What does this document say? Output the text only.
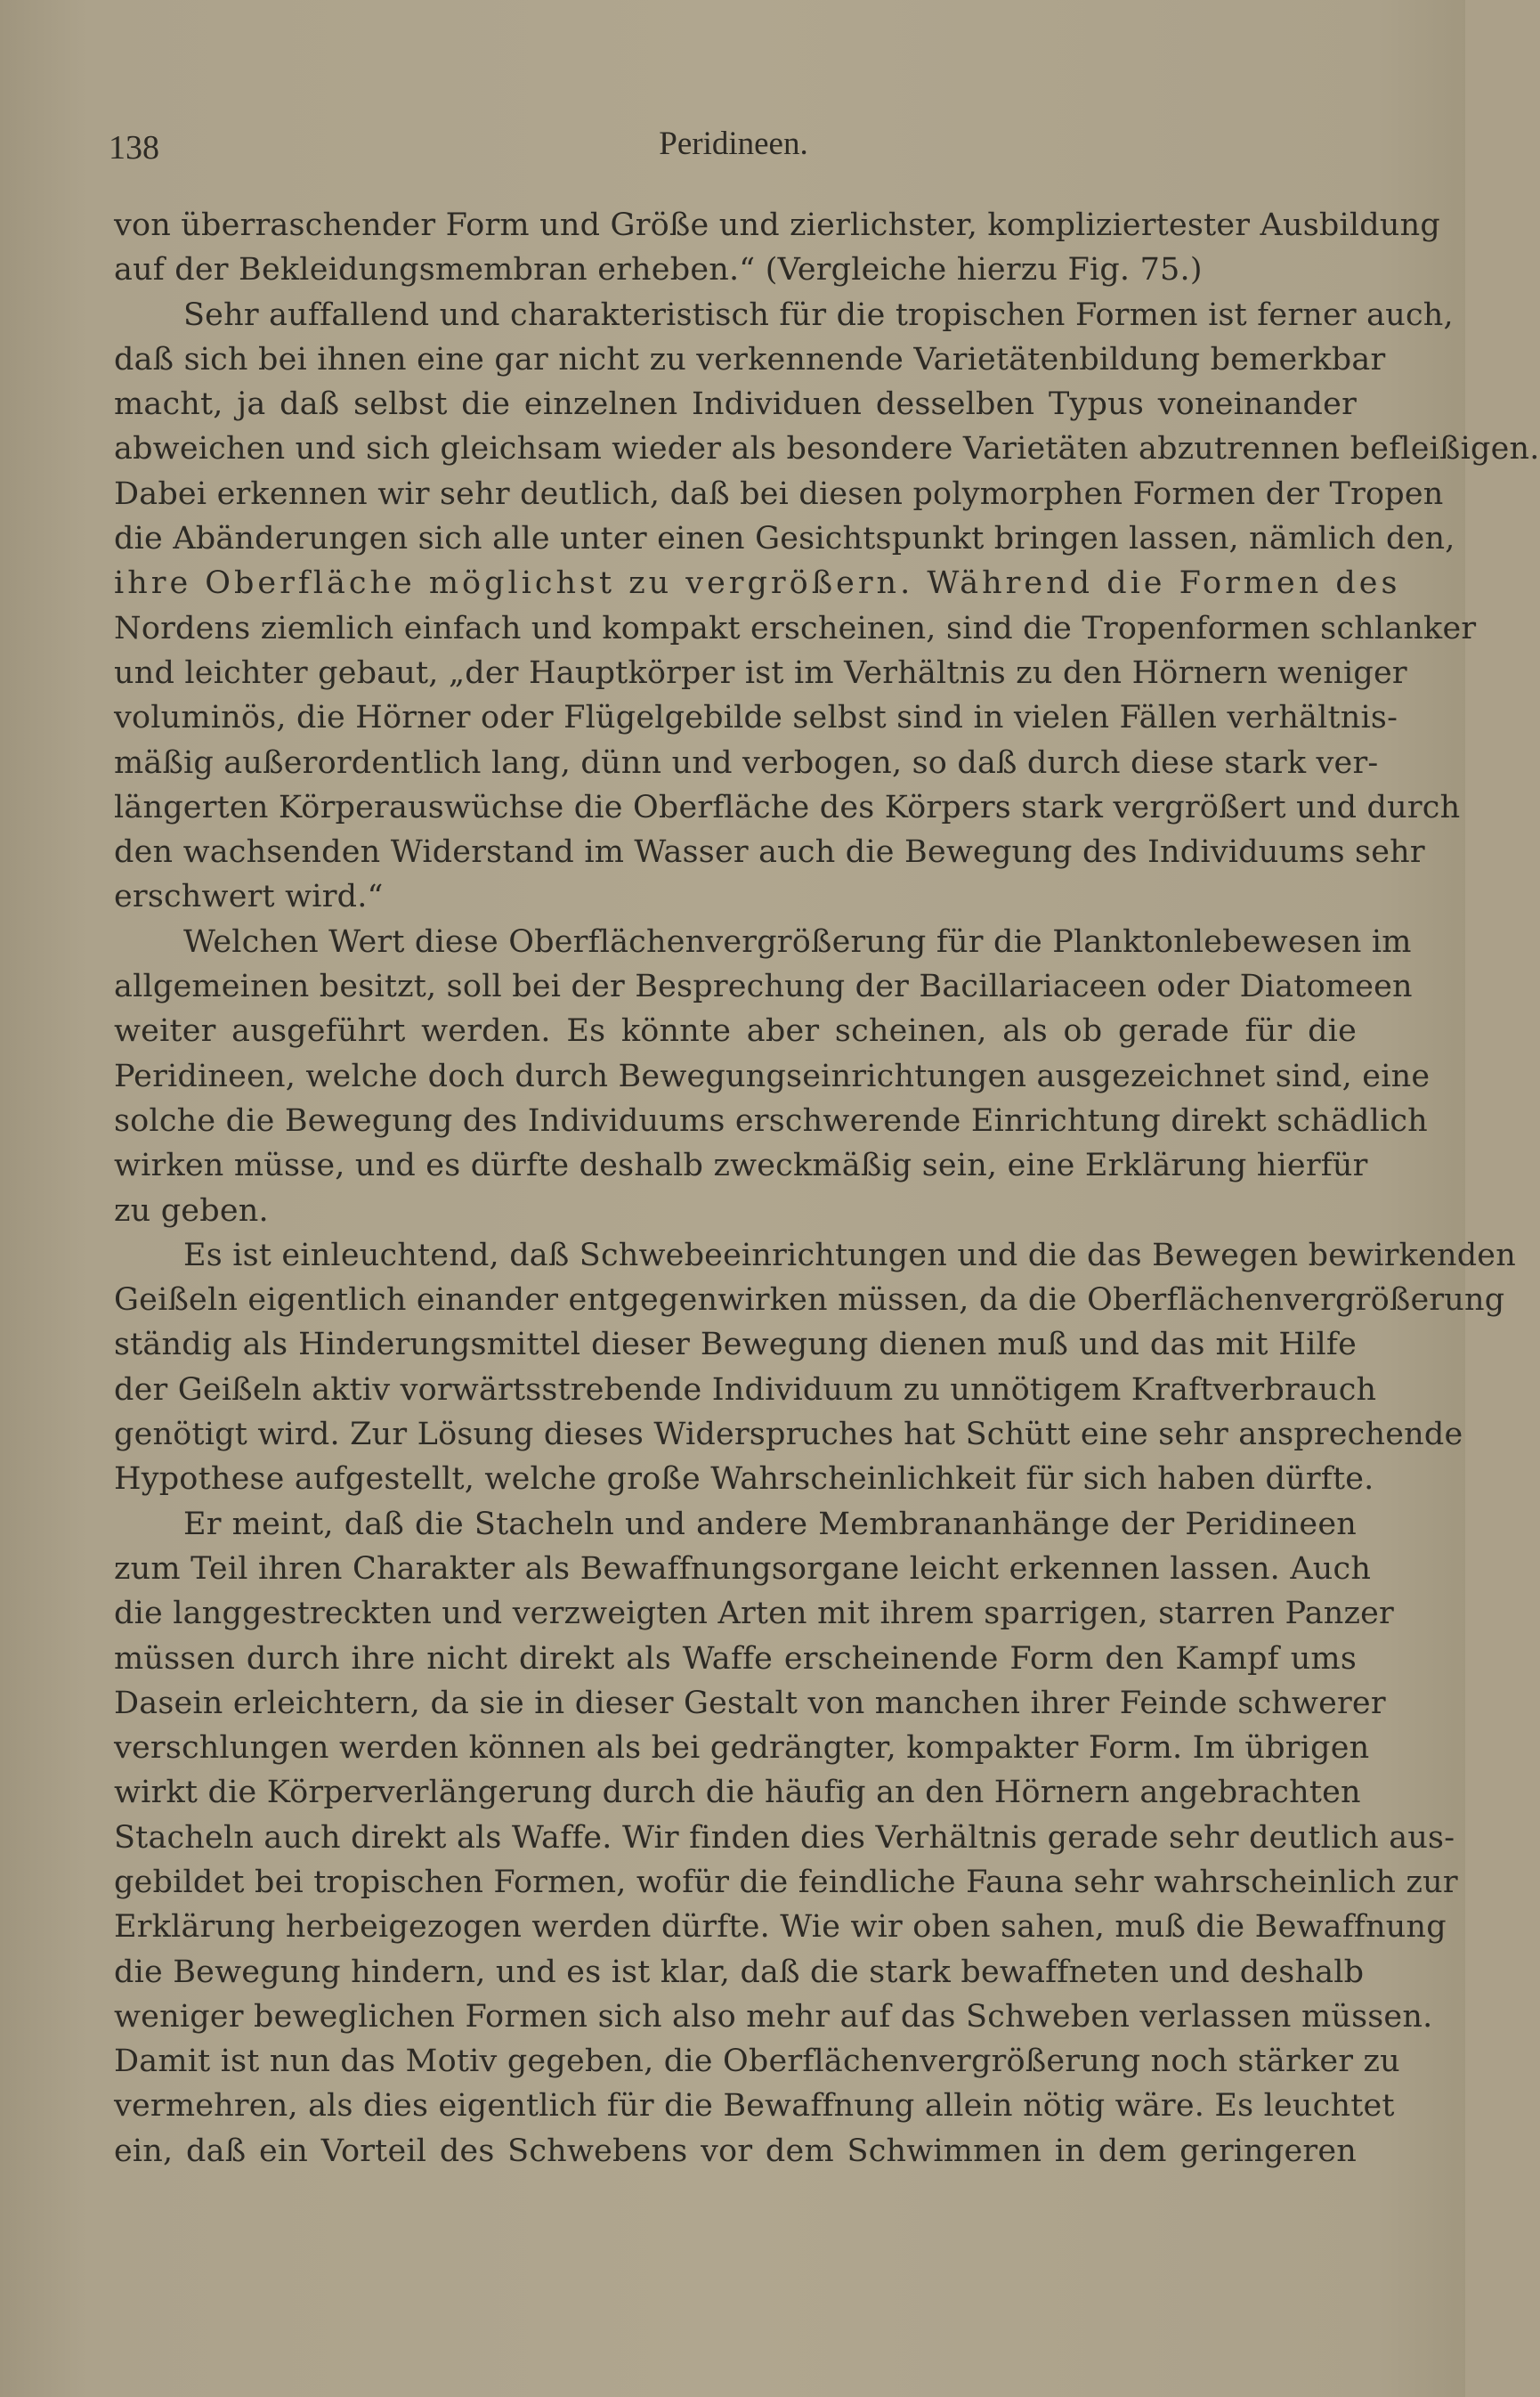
138	Peridineen.
von überraschender Form und Größe und zierlichster, kompliziertester Ausbildung
auf der Bekleidungsmembran erheben.“ (Vergleiche hierzu Fig. 75.)
Sehr auffallend und charakteristisch für die tropischen Formen ist ferner auch,
daß sich bei ihnen eine gar nicht zu verkennende Varietätenbildung bemerkbar
macht, ja daß selbst die einzelnen Individuen desselben Typus voneinander
abweichen und sich gleichsam wieder als besondere Varietäten abzutrennen befleißigen.
Dabei erkennen wir sehr deutlich, daß bei diesen polymorphen Formen der Tropen
die Abänderungen sich alle unter einen Gesichtspunkt bringen lassen, nämlich den,
ihre Oberfläche möglichst zu vergrößern. Während die Formen des
Nordens ziemlich einfach und kompakt erscheinen, sind die Tropenformen schlanker
und leichter gebaut, „der Hauptkörper ist im Verhältnis zu den Hörnern weniger
voluminös, die Hörner oder Flügelgebilde selbst sind in vielen Fällen verhältnis-
mäßig außerordentlich lang, dünn und verbogen, so daß durch diese stark ver-
längerten Körperauswüchse die Oberfläche des Körpers stark vergrößert und durch
den wachsenden Widerstand im Wasser auch die Bewegung des Individuums sehr
erschwert wird.“
Welchen Wert diese Oberflächenvergrößerung für die Planktonlebewesen im
allgemeinen besitzt, soll bei der Besprechung der Bacillariaceen oder Diatomeen
weiter ausgeführt werden. Es könnte aber scheinen, als ob gerade für die
Peridineen, welche doch durch Bewegungseinrichtungen ausgezeichnet sind, eine
solche die Bewegung des Individuums erschwerende Einrichtung direkt schädlich
wirken müsse, und es dürfte deshalb zweckmäßig sein, eine Erklärung hierfür
zu geben.
Es ist einleuchtend, daß Schwebeeinrichtungen und die das Bewegen bewirkenden
Geißeln eigentlich einander entgegenwirken müssen, da die Oberflächenvergrößerung
ständig als Hinderungsmittel dieser Bewegung dienen muß und das mit Hilfe
der Geißeln aktiv vorwärtsstrebende Individuum zu unnötigem Kraftverbrauch
genötigt wird. Zur Lösung dieses Widerspruches hat Schütt eine sehr ansprechende
Hypothese aufgestellt, welche große Wahrscheinlichkeit für sich haben dürfte.
Er meint, daß die Stacheln und andere Membrananhänge der Peridineen
zum Teil ihren Charakter als Bewaffnungsorgane leicht erkennen lassen. Auch
die langgestreckten und verzweigten Arten mit ihrem sparrigen, starren Panzer
müssen durch ihre nicht direkt als Waffe erscheinende Form den Kampf ums
Dasein erleichtern, da sie in dieser Gestalt von manchen ihrer Feinde schwerer
verschlungen werden können als bei gedrängter, kompakter Form. Im übrigen
wirkt die Körperverlängerung durch die häufig an den Hörnern angebrachten
Stacheln auch direkt als Waffe. Wir finden dies Verhältnis gerade sehr deutlich aus-
gebildet bei tropischen Formen, wofür die feindliche Fauna sehr wahrscheinlich zur
Erklärung herbeigezogen werden dürfte. Wie wir oben sahen, muß die Bewaffnung
die Bewegung hindern, und es ist klar, daß die stark bewaffneten und deshalb
weniger beweglichen Formen sich also mehr auf das Schweben verlassen müssen.
Damit ist nun das Motiv gegeben, die Oberflächenvergrößerung noch stärker zu
vermehren, als dies eigentlich für die Bewaffnung allein nötig wäre. Es leuchtet
ein, daß ein Vorteil des Schwebens vor dem Schwimmen in dem geringeren
